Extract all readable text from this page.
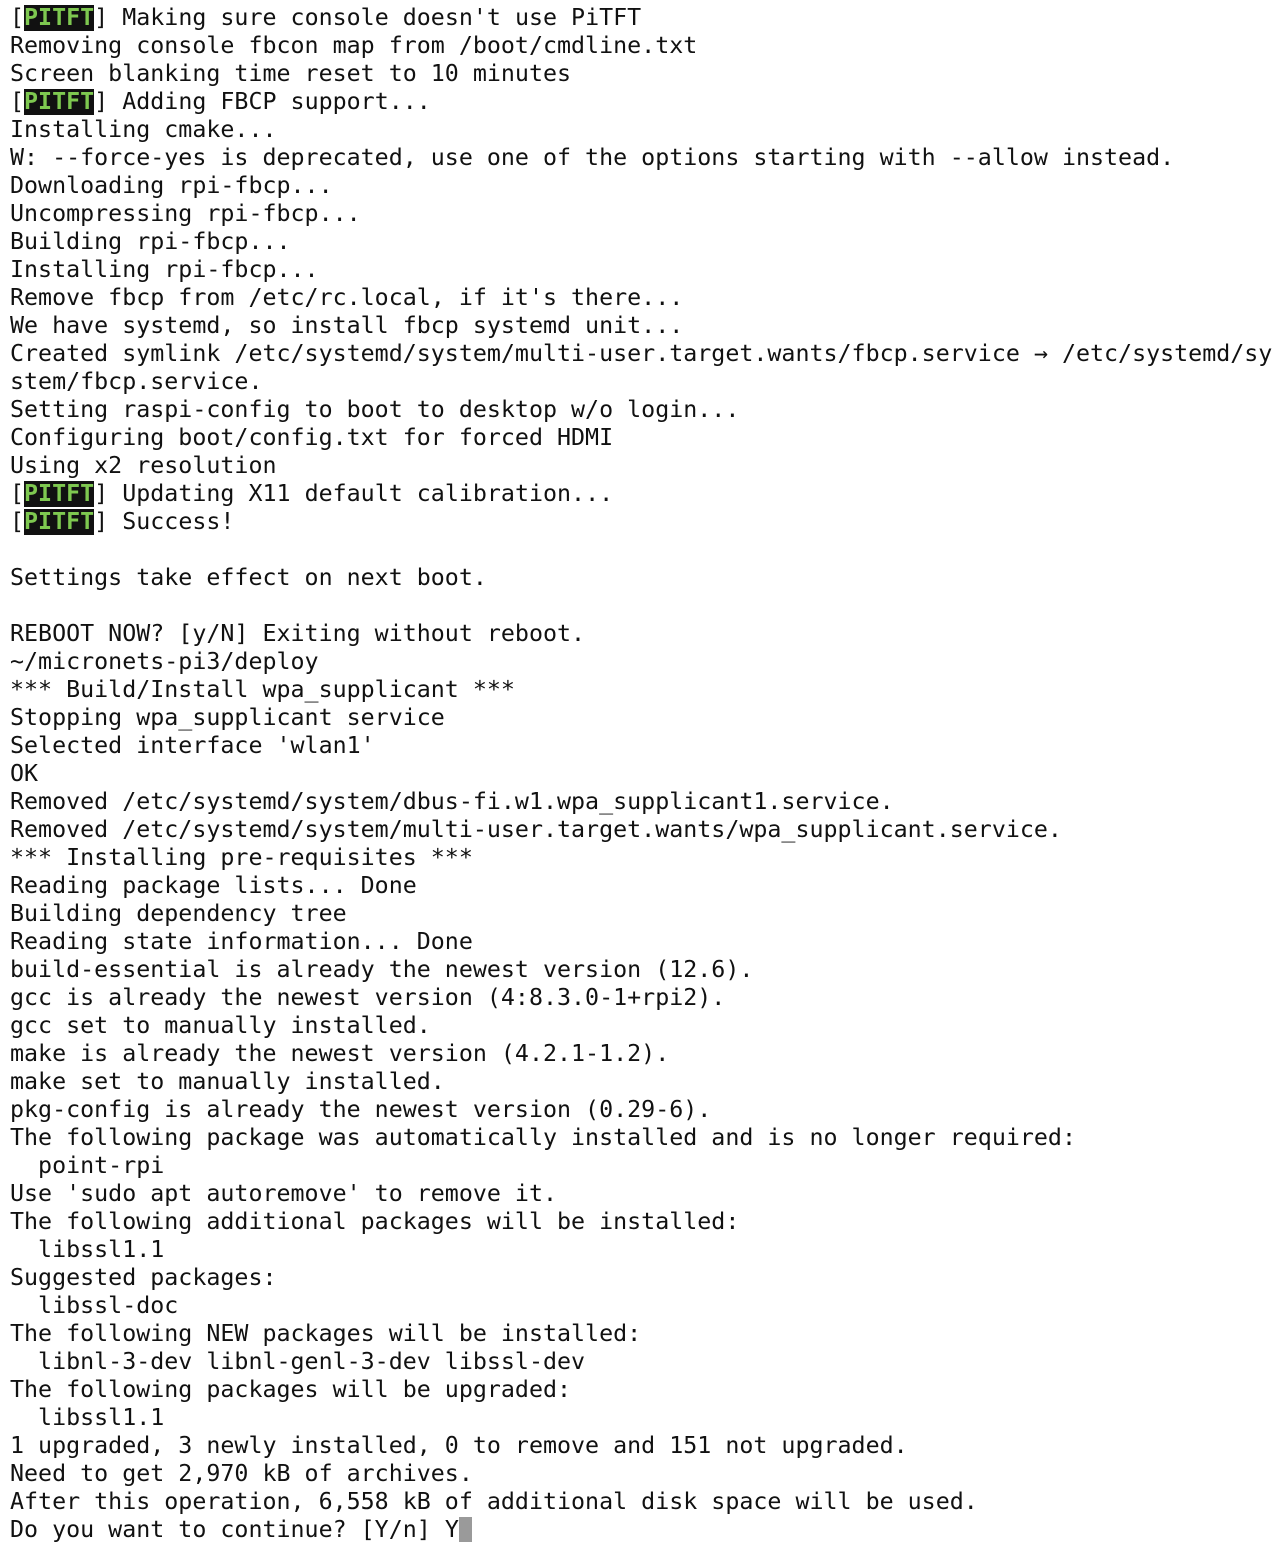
[PITFT] Making sure console doesn't use PiTFT
Removing console fbcon map from /boot/cmdline.txt
Screen blanking time reset to 10 minutes
[PITFT] Adding FBCP support...
Installing cmake...
W: --force-yes is deprecated, use one of the options starting with --allow instead.
Downloading rpi-fbcp...
Uncompressing rpi-fbcp...
Building rpi-fbcp...
Installing rpi-fbcp...
Remove fbcp from /etc/rc.local, if it's there...
We have systemd, so install fbcp systemd unit...
Created symlink /etc/systemd/system/multi-user.target.wants/fbcp.service → /etc/systemd/sy
stem/fbcp.service.
Setting raspi-config to boot to desktop w/o login...
Configuring boot/config.txt for forced HDMI
Using x2 resolution
[PITFT] Updating X11 default calibration...
[PITFT] Success!
Settings take effect on next boot.
REBOOT NOW? [y/N] Exiting without reboot.
~/micronets-pi3/deploy
*** Build/Install wpa_supplicant ***
Stopping wpa_supplicant service
Selected interface 'wlan1'
OK
Removed /etc/systemd/system/dbus-fi.w1.wpa_supplicant1.service.
Removed /etc/systemd/system/multi-user.target.wants/wpa_supplicant.service.
*** Installing pre-requisites ***
Reading package lists... Done
Building dependency tree
Reading state information... Done
build-essential is already the newest version (12.6).
gcc is already the newest version (4:8.3.0-1+rpi2).
gcc set to manually installed.
make is already the newest version (4.2.1-1.2).
make set to manually installed.
pkg-config is already the newest version (0.29-6).
The following package was automatically installed and is no longer required:
point-rpi
Use 'sudo apt autoremove' to remove it.
The following additional packages will be installed:
libssl1.1
Suggested packages:
libssl-doc
The following NEW packages will be installed:
libnl-3-dev libnl-genl-3-dev libssl-dev
The following packages will be upgraded:
libssl1.1
1 upgraded, 3 newly installed, 0 to remove and 151 not upgraded.
Need to get 2,970 kB of archives.
After this operation, 6,558 kB of additional disk space will be used.
Do you want to continue? [Y/n] Y
